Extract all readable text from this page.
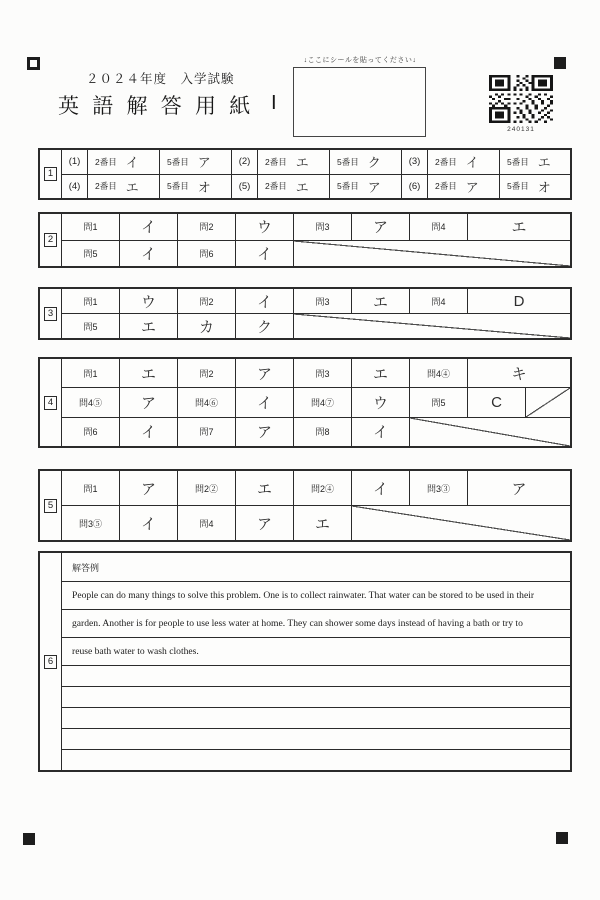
２０２４年度　入学試験
英 語 解 答 用 紙 Ⅰ
↓ここにシールを貼ってください↓
240131
1
(1)	2番目 イ	5番目 ア	(2)	2番目 エ	5番目 ク	(3)	2番目 イ	5番目 エ
(4)	2番目 エ	5番目 オ	(5)	2番目 エ	5番目 ア	(6)	2番目 ア	5番目 オ
2
問1	イ	問2	ウ	問3	ア	問4	エ
問5	イ	問6	イ
3
問1	ウ	問2	イ	問3	エ	問4	D
問5	エ	カ	ク
4
問1	エ	問2	ア	問3	エ	問4④	キ
問4⑤	ア	問4⑥	イ	問4⑦	ウ	問5	C
問6	イ	問7	ア	問8	イ
5
問1	ア	問2②	エ	問2④	イ	問3③	ア
問3⑤	イ	問4	ア	エ
6
解答例
People can do many things to solve this problem. One is to collect rainwater. That water can be stored to be used in their
garden. Another is for people to use less water at home. They can shower some days instead of having a bath or try to
reuse bath water to wash clothes.
